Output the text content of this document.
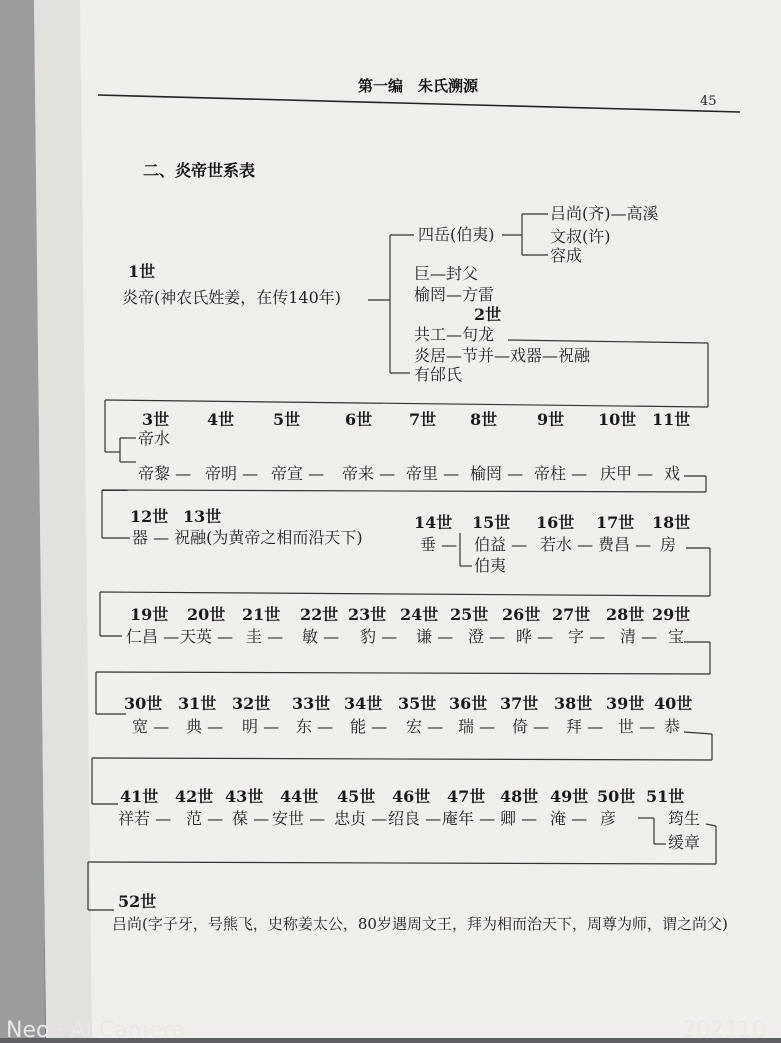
第一编　朱氏溯源
45
二、炎帝世系表
1世
炎帝(神农氏姓姜，在传140年)
四岳(伯夷)
吕尚(齐)—高溪
文叔(许)
容成
巨—封父
榆罔—方雷
2世
共工—句龙
炎居—节并—戏器—祝融
有邰氏
3世 4世 5世	6世 7世 8世 9世 10世 11世
帝水
帝黎 — 帝明 — 帝宣 — 帝来 — 帝里 — 榆罔 — 帝柱 — 庆甲 — 戏
12世 13世	14世 15世 16世 17世 18世
器 — 祝融(为黄帝之相而沿天下)	垂 — 伯益 — 若水 — 费昌 — 房
伯夷
19世 20世 21世 22世 23世 24世 25世 26世 27世 28世 29世
仁昌 — 天英 — 圭 — 敏 — 豹 — 谦 — 澄 — 晔 — 字 — 清 — 宝
30世 31世 32世 33世 34世 35世 36世 37世 38世 39世 40世
宽 — 典 — 明 — 东 — 能 — 宏 — 瑞 — 倚 — 拜 — 世 — 恭
41世 42世 43世 44世 45世 46世 47世 48世 49世 50世 51世
祥若 — 范 — 葆 — 安世 — 忠贞 — 绍良 — 庵年 — 卿 — 淹 — 彦	筠生
缓章
52世
吕尚(字子牙，号熊飞，史称姜太公，80岁遇周文王，拜为相而治天下，周尊为师，谓之尚父)
Neo · AI Camera	202110
